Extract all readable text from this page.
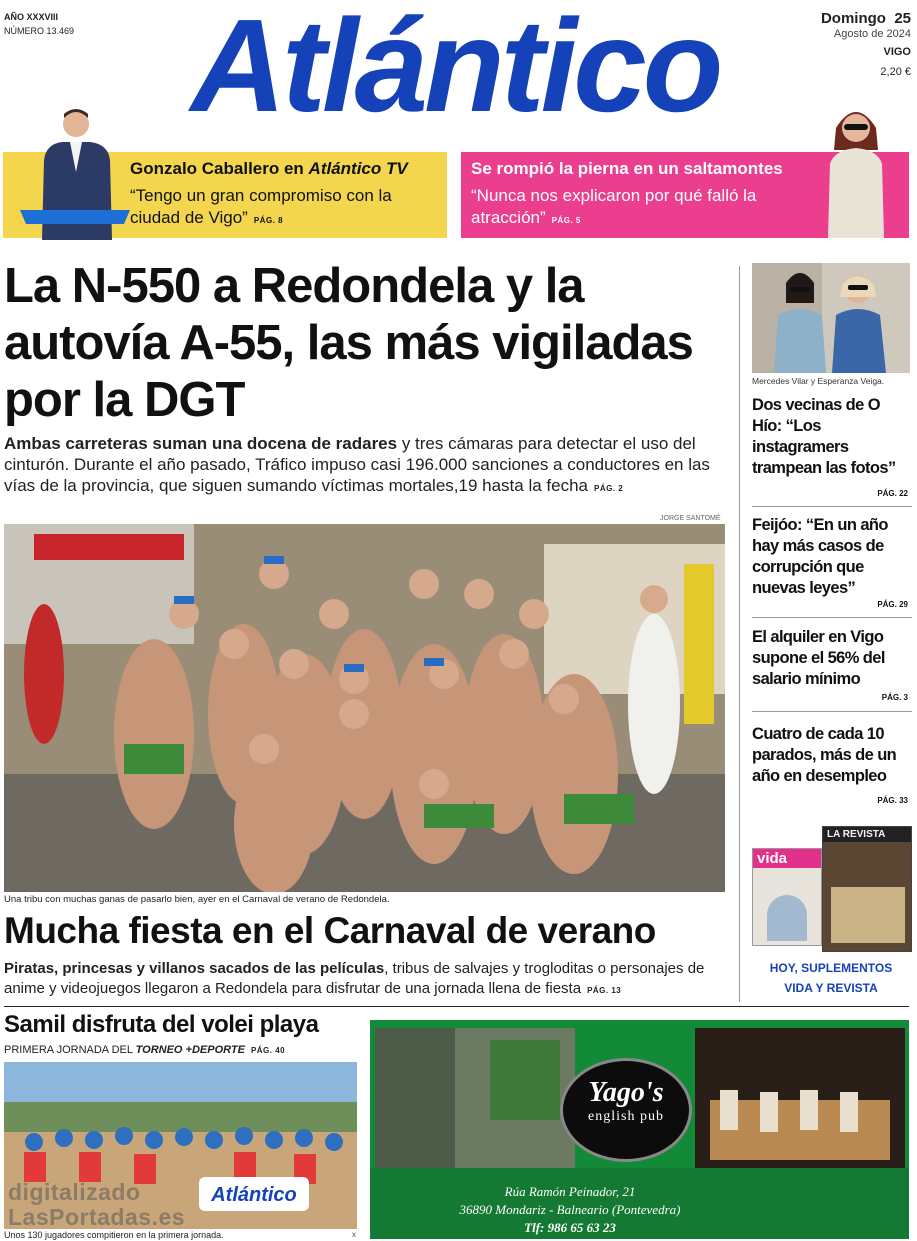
AÑO XXXVIII
NÚMERO 13.469 Atlántico	Domingo 25
Agosto de 2024
VIGO
2,20 €
Gonzalo Caballero en Atlántico TV
“Tengo un gran compromiso con la ciudad de Vigo” PÁG. 8
Se rompió la pierna en un saltamontes
“Nunca nos explicaron por qué falló la atracción” PÁG. 5
La N-550 a Redondela y la autovía A-55, las más vigiladas por la DGT
Ambas carreteras suman una docena de radares y tres cámaras para detectar el uso del cinturón. Durante el año pasado, Tráfico impuso casi 196.000 sanciones a conductores en las vías de la provincia, que siguen sumando víctimas mortales,19 hasta la fecha PÁG. 2
JORGE SANTOMÉ
Una tribu con muchas ganas de pasarlo bien, ayer en el Carnaval de verano de Redondela.
Mucha fiesta en el Carnaval de verano
Piratas, princesas y villanos sacados de las películas, tribus de salvajes y trogloditas o personajes de anime y videojuegos llegaron a Redondela para disfrutar de una jornada llena de fiesta PÁG. 13
Mercedes Vilar y Esperanza Veiga.
Dos vecinas de O Hío: “Los instagramers trampean las fotos”
PÁG. 22
Feijóo: “En un año hay más casos de corrupción que nuevas leyes”
PÁG. 29
El alquiler en Vigo supone el 56% del salario mínimo
PÁG. 3
Cuatro de cada 10 parados, más de un año en desempleo
PÁG. 33
vida
LA REVISTA
HOY, SUPLEMENTOS
VIDA Y REVISTA
Samil disfruta del volei playa
PRIMERA JORNADA DEL TORNEO +DEPORTE PÁG. 40
Atlántico
Unos 130 jugadores compitieron en la primera jornada.	x
Yago's
english pub
Rúa Ramón Peinador, 21
36890 Mondariz - Balneario (Pontevedra)
Tlf: 986 65 63 23
digitalizado
LasPortadas.es
